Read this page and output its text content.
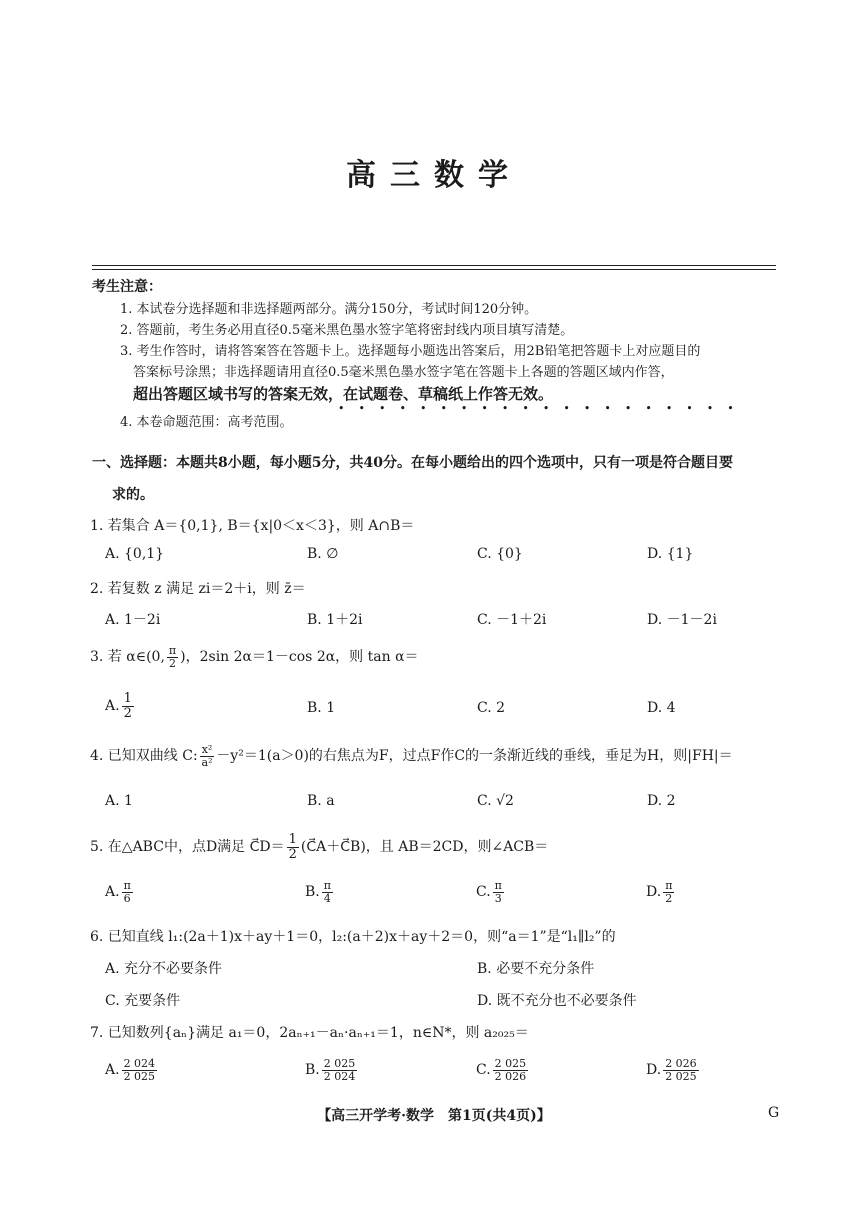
高三数学
考生注意：
1. 本试卷分选择题和非选择题两部分。满分150分，考试时间120分钟。
2. 答题前，考生务必用直径0.5毫米黑色墨水签字笔将密封线内项目填写清楚。
3. 考生作答时，请将答案答在答题卡上。选择题每小题选出答案后，用2B铅笔把答题卡上对应题目的
答案标号涂黑；非选择题请用直径0.5毫米黑色墨水签字笔在答题卡上各题的答题区域内作答，
超出答题区域书写的答案无效，在试题卷、草稿纸上作答无效。
••••••••••••••••••••
4. 本卷命题范围：高考范围。
一、选择题：本题共8小题，每小题5分，共40分。在每小题给出的四个选项中，只有一项是符合题目要
求的。
1. 若集合 A＝{0,1}, B＝{x|0＜x＜3}，则 A∩B＝
A. {0,1}	B. ∅	C. {0}	D. {1}
2. 若复数 z 满足 zi＝2＋i，则 z̄＝
A. 1－2i	B. 1＋2i	C. －1＋2i	D. －1－2i
3. 若 α∈(0, $\frac{\pi}{2}$ )，2sin 2α＝1－cos 2α，则 tan α＝
A. $\frac{1}{2}$	B. 1	C. 2	D. 4
4. 已知双曲线 C: $\frac{\text{x²}}{\text{a²}} -y^2=1(a>0)$的右焦点为F，过点F作C的一条渐近线的垂线，垂足为H，则|FH|＝
A. 1	B. a	C. √2	D. 2
5. 在△ABC中，点D满足 C⃗D＝ $\frac{1}{2}$ (C⃗A＋C⃗B)，且 AB＝2CD，则∠ACB＝
A. $\frac{\pi}{6}$	B. $\frac{\pi}{4}$	C. $\frac{\pi}{3}$	D. $\frac{\pi}{2}$
6. 已知直线 l₁:(2a＋1)x＋ay＋1＝0，l₂:(a＋2)x＋ay＋2＝0，则“a＝1”是“l₁∥l₂”的
A. 充分不必要条件	B. 必要不充分条件
C. 充要条件	D. 既不充分也不必要条件
7. 已知数列{aₙ}满足 a₁＝0，2aₙ₊₁－aₙ·aₙ₊₁＝1，n∈N*，则 a₂₀₂₅＝
A. $\frac{2 024}{2 025}$	B. $\frac{2 025}{2 024}$	C. $\frac{2 025}{2 026}$	D. $\frac{2 026}{2 025}$
【高三开学考·数学　第1页(共4页)】	G
